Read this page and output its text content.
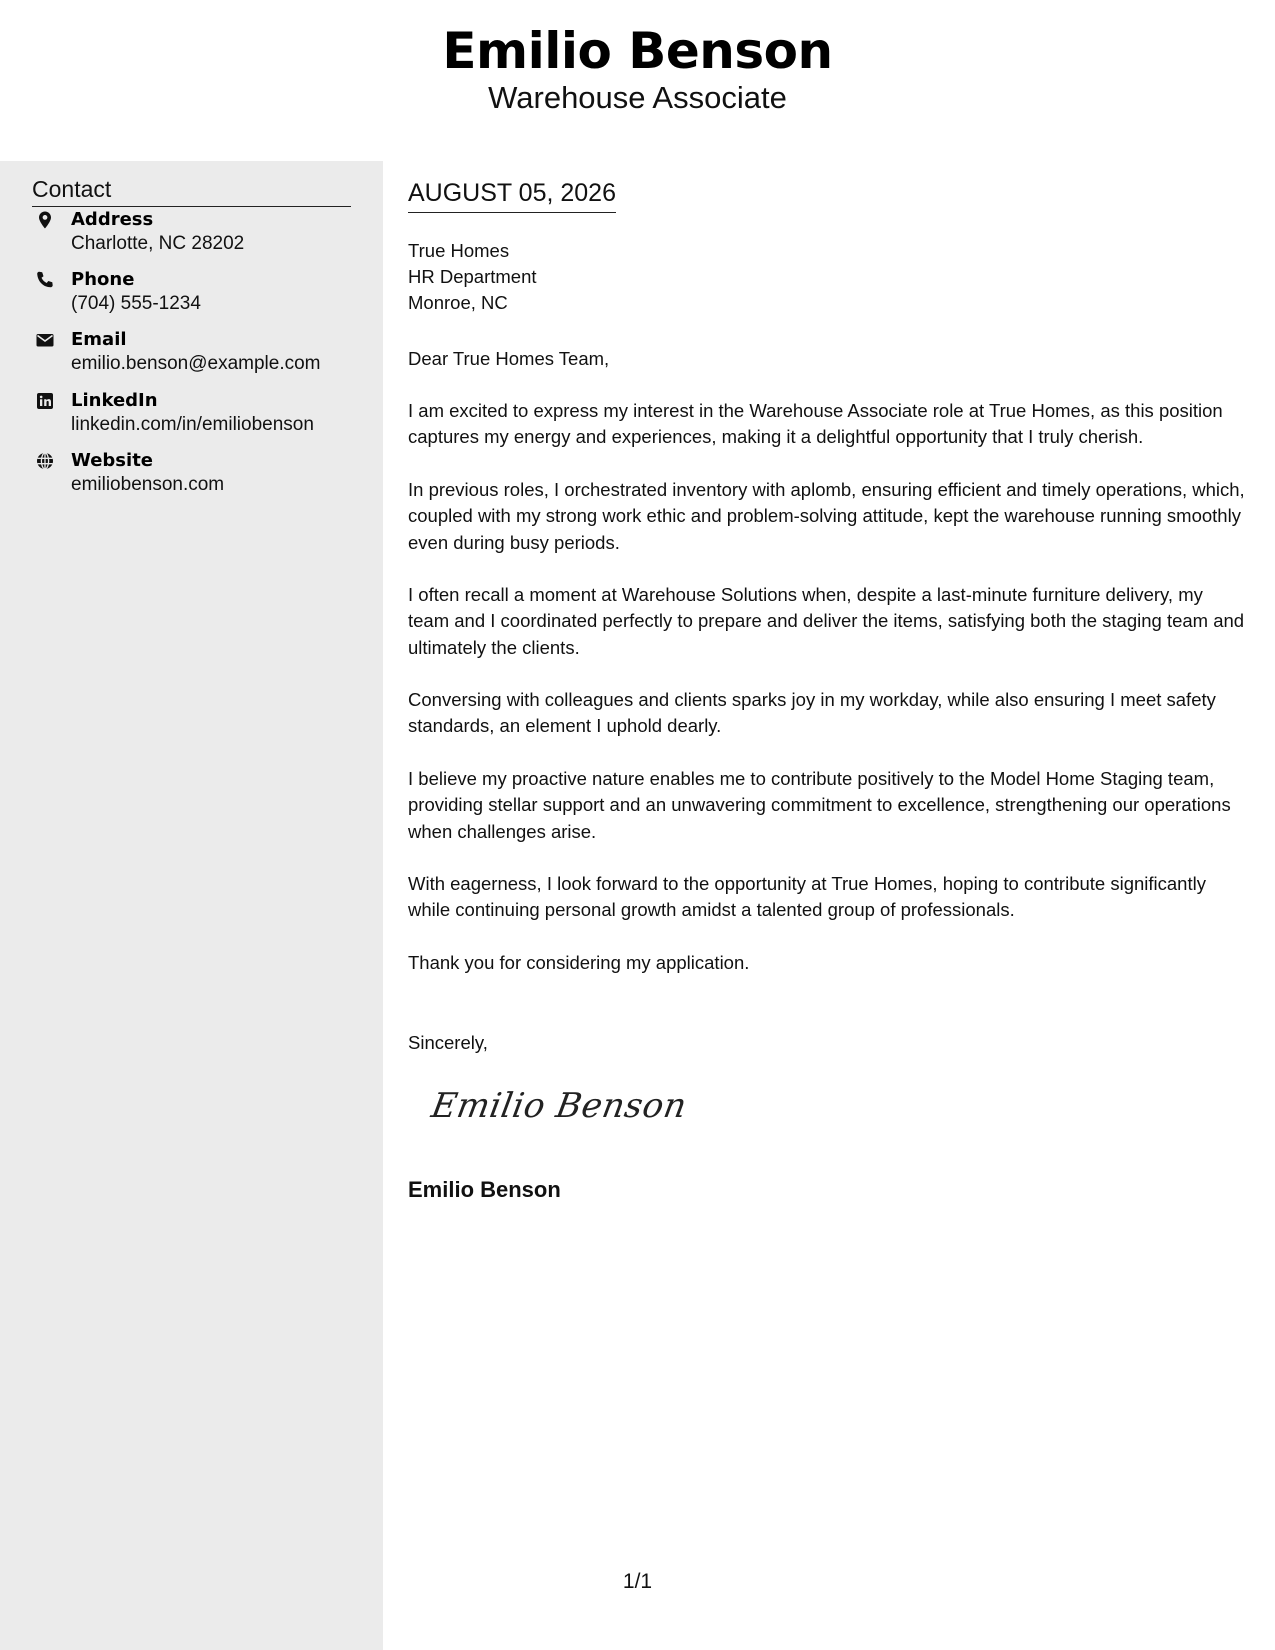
Emilio Benson
Warehouse Associate
Contact
Address
Charlotte, NC 28202
Phone
(704) 555-1234
Email
emilio.benson@example.com
LinkedIn
linkedin.com/in/emiliobenson
Website
emiliobenson.com
AUGUST 05, 2026
True Homes
HR Department
Monroe, NC
Dear True Homes Team,

I am excited to express my interest in the Warehouse Associate role at True Homes, as this position captures my energy and experiences, making it a delightful opportunity that I truly cherish.

In previous roles, I orchestrated inventory with aplomb, ensuring efficient and timely operations, which, coupled with my strong work ethic and problem-solving attitude, kept the warehouse running smoothly even during busy periods.

I often recall a moment at Warehouse Solutions when, despite a last-minute furniture delivery, my team and I coordinated perfectly to prepare and deliver the items, satisfying both the staging team and ultimately the clients.

Conversing with colleagues and clients sparks joy in my workday, while also ensuring I meet safety standards, an element I uphold dearly.

I believe my proactive nature enables me to contribute positively to the Model Home Staging team, providing stellar support and an unwavering commitment to excellence, strengthening our operations when challenges arise.

With eagerness, I look forward to the opportunity at True Homes, hoping to contribute significantly while continuing personal growth amidst a talented group of professionals.

Thank you for considering my application.

Sincerely,
Emilio Benson
Emilio Benson
1/1
